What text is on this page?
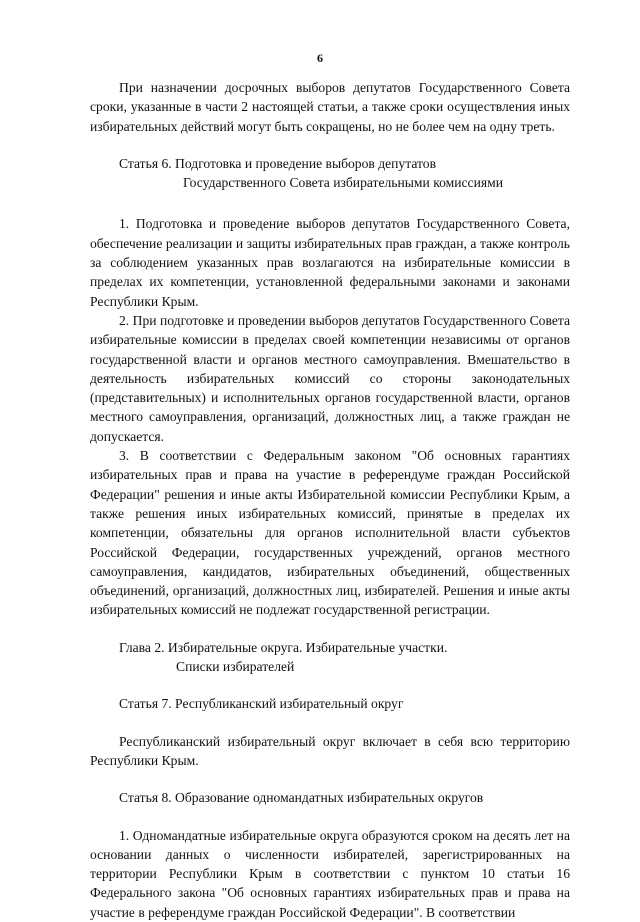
6

При назначении досрочных выборов депутатов Государственного Совета сроки, указанные в части 2 настоящей статьи, а также сроки осуществления иных избирательных действий могут быть сокращены, но не более чем на одну треть.

Статья 6. Подготовка и проведение выборов депутатов

Государственного Совета избирательными комиссиями

1. Подготовка и проведение выборов депутатов Государственного Совета, обеспечение реализации и защиты избирательных прав граждан, а также контроль за соблюдением указанных прав возлагаются на избирательные комиссии в пределах их компетенции, установленной федеральными законами и законами Республики Крым.

2. При подготовке и проведении выборов депутатов Государственного Совета избирательные комиссии в пределах своей компетенции независимы от органов государственной власти и органов местного самоуправления. Вмешательство в деятельность избирательных комиссий со стороны законодательных (представительных) и исполнительных органов государственной власти, органов местного самоуправления, организаций, должностных лиц, а также граждан не допускается.

3. В соответствии с Федеральным законом "Об основных гарантиях избирательных прав и права на участие в референдуме граждан Российской Федерации" решения и иные акты Избирательной комиссии Республики Крым, а также решения иных избирательных комиссий, принятые в пределах их компетенции, обязательны для органов исполнительной власти субъектов Российской Федерации, государственных учреждений, органов местного самоуправления, кандидатов, избирательных объединений, общественных объединений, организаций, должностных лиц, избирателей. Решения и иные акты избирательных комиссий не подлежат государственной регистрации.

Глава 2. Избирательные округа. Избирательные участки.

Списки избирателей

Статья 7. Республиканский избирательный округ

Республиканский избирательный округ включает в себя всю территорию Республики Крым.

Статья 8. Образование одномандатных избирательных округов

1. Одномандатные избирательные округа образуются сроком на десять лет на основании данных о численности избирателей, зарегистрированных на территории Республики Крым в соответствии с пунктом 10 статьи 16 Федерального закона "Об основных гарантиях избирательных прав и права на участие в референдуме граждан Российской Федерации". В соответствии
